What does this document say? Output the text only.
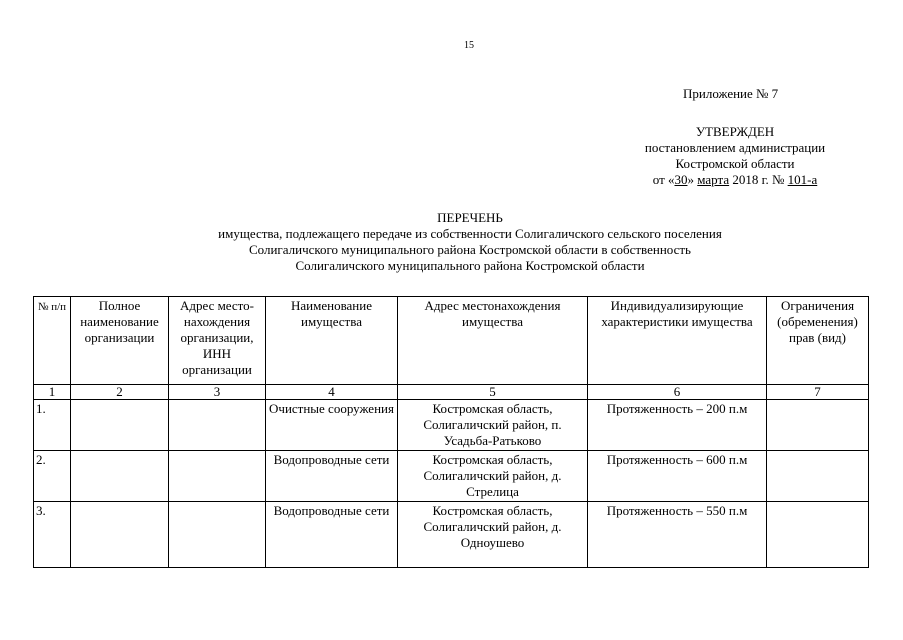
15
Приложение № 7
УТВЕРЖДЕН
постановлением администрации
Костромской области
от «30» марта 2018 г. № 101-а
ПЕРЕЧЕНЬ
имущества, подлежащего передаче из собственности Солигаличского сельского поселения
Солигаличского муниципального района Костромской области в собственность
Солигаличского муниципального района Костромской области
№ п/п	Полное наименование организации	Адрес место-нахождения организации, ИНН организации	Наименование имущества	Адрес местонахождения имущества	Индивидуализирующие характеристики имущества	Ограничения (обременения) прав (вид)
1	2	3	4	5	6	7
1.			Очистные сооружения	Костромская область, Солигаличский район, п. Усадьба-Ратьково	Протяженность – 200 п.м	
2.			Водопроводные сети	Костромская область, Солигаличский район, д. Стрелица	Протяженность – 600 п.м	
3.			Водопроводные сети	Костромская область, Солигаличский район, д. Одноушево	Протяженность – 550 п.м	
